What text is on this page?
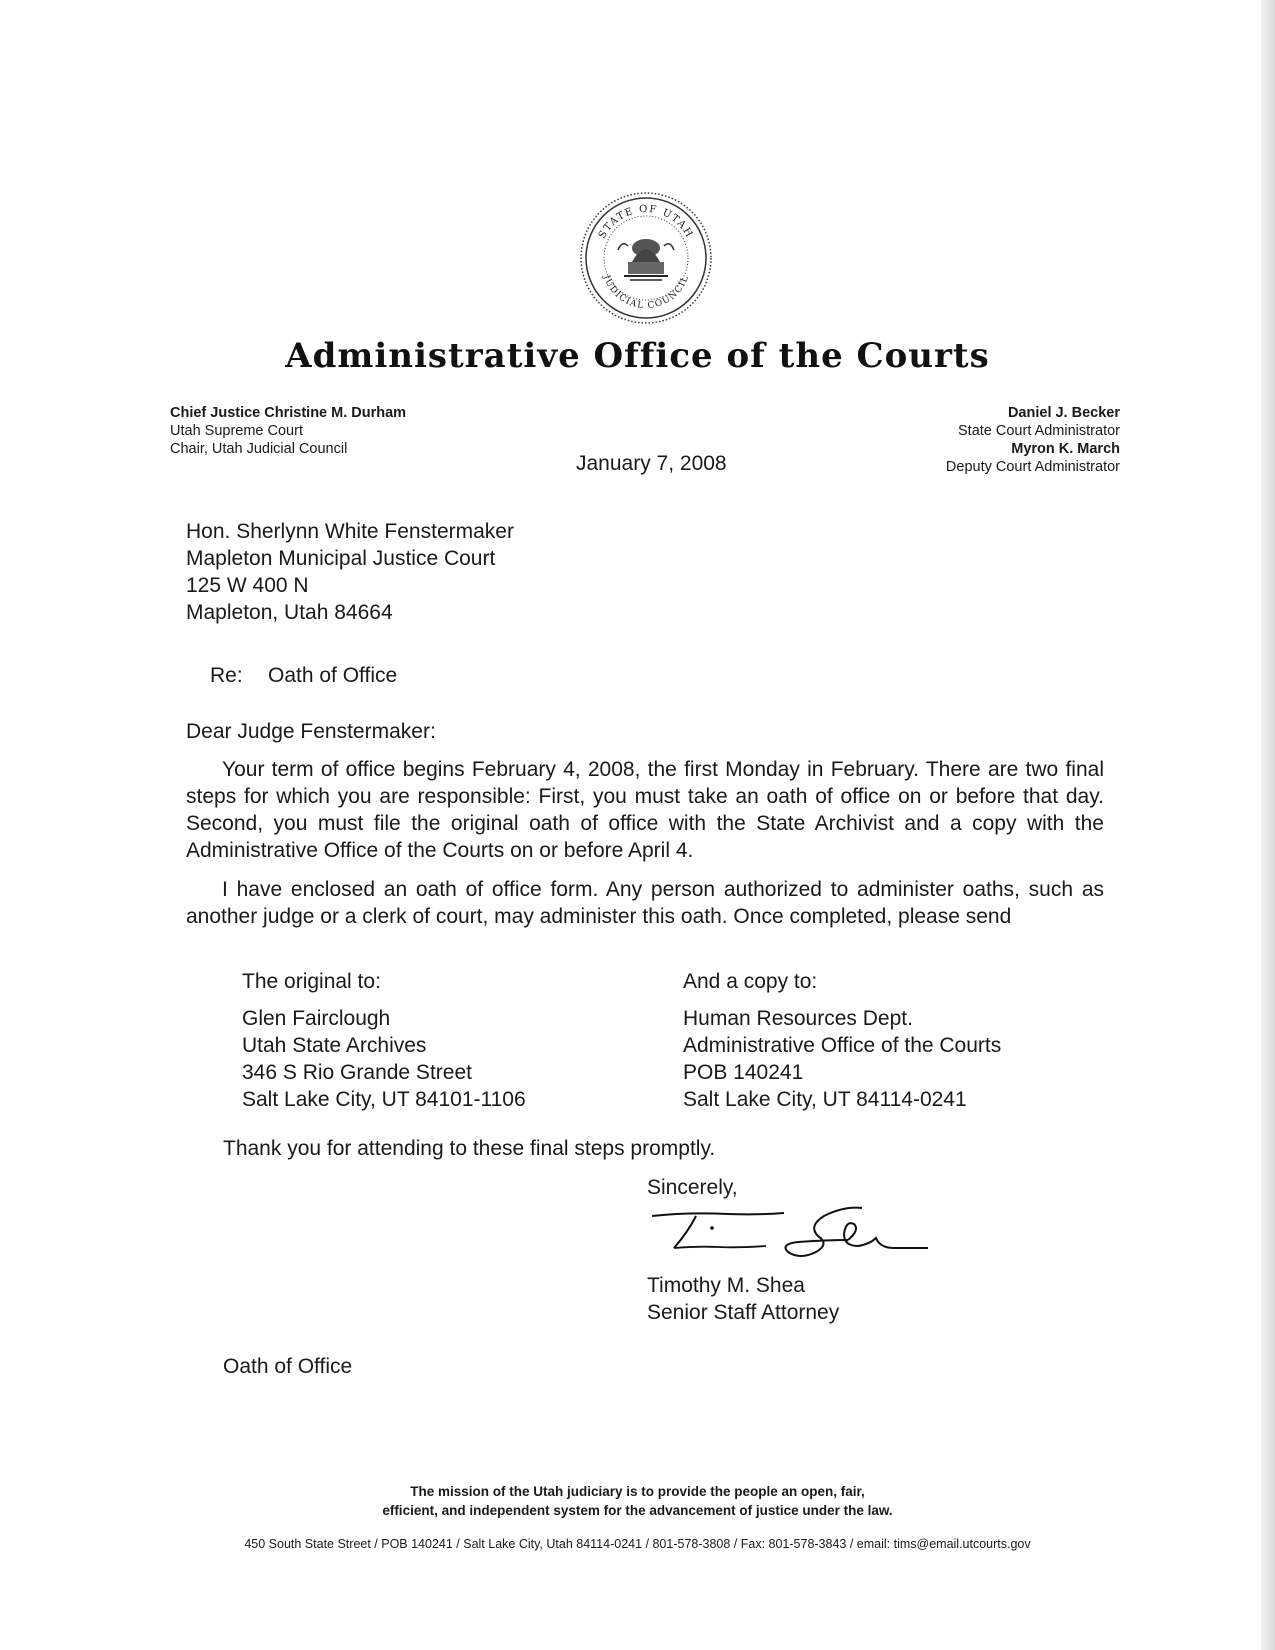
STATE OF UTAH
JUDICIAL COUNCIL
Administrative Office of the Courts
Chief Justice Christine M. Durham
Utah Supreme Court
Chair, Utah Judicial Council
Daniel J. Becker
State Court Administrator
Myron K. March
Deputy Court Administrator
January 7, 2008
Hon. Sherlynn White Fenstermaker
Mapleton Municipal Justice Court
125 W 400 N
Mapleton, Utah 84664
Re: Oath of Office
Dear Judge Fenstermaker:
Your term of office begins February 4, 2008, the first Monday in February. There are two final steps for which you are responsible: First, you must take an oath of office on or before that day. Second, you must file the original oath of office with the State Archivist and a copy with the Administrative Office of the Courts on or before April 4.
I have enclosed an oath of office form. Any person authorized to administer oaths, such as another judge or a clerk of court, may administer this oath. Once completed, please send
The original to:
Glen Fairclough
Utah State Archives
346 S Rio Grande Street
Salt Lake City, UT 84101-1106
And a copy to:
Human Resources Dept.
Administrative Office of the Courts
POB 140241
Salt Lake City, UT 84114-0241
Thank you for attending to these final steps promptly.
Sincerely,
Timothy M. Shea
Senior Staff Attorney
Oath of Office
The mission of the Utah judiciary is to provide the people an open, fair,
efficient, and independent system for the advancement of justice under the law.
450 South State Street / POB 140241 / Salt Lake City, Utah 84114-0241 / 801-578-3808 / Fax: 801-578-3843 / email: tims@email.utcourts.gov
